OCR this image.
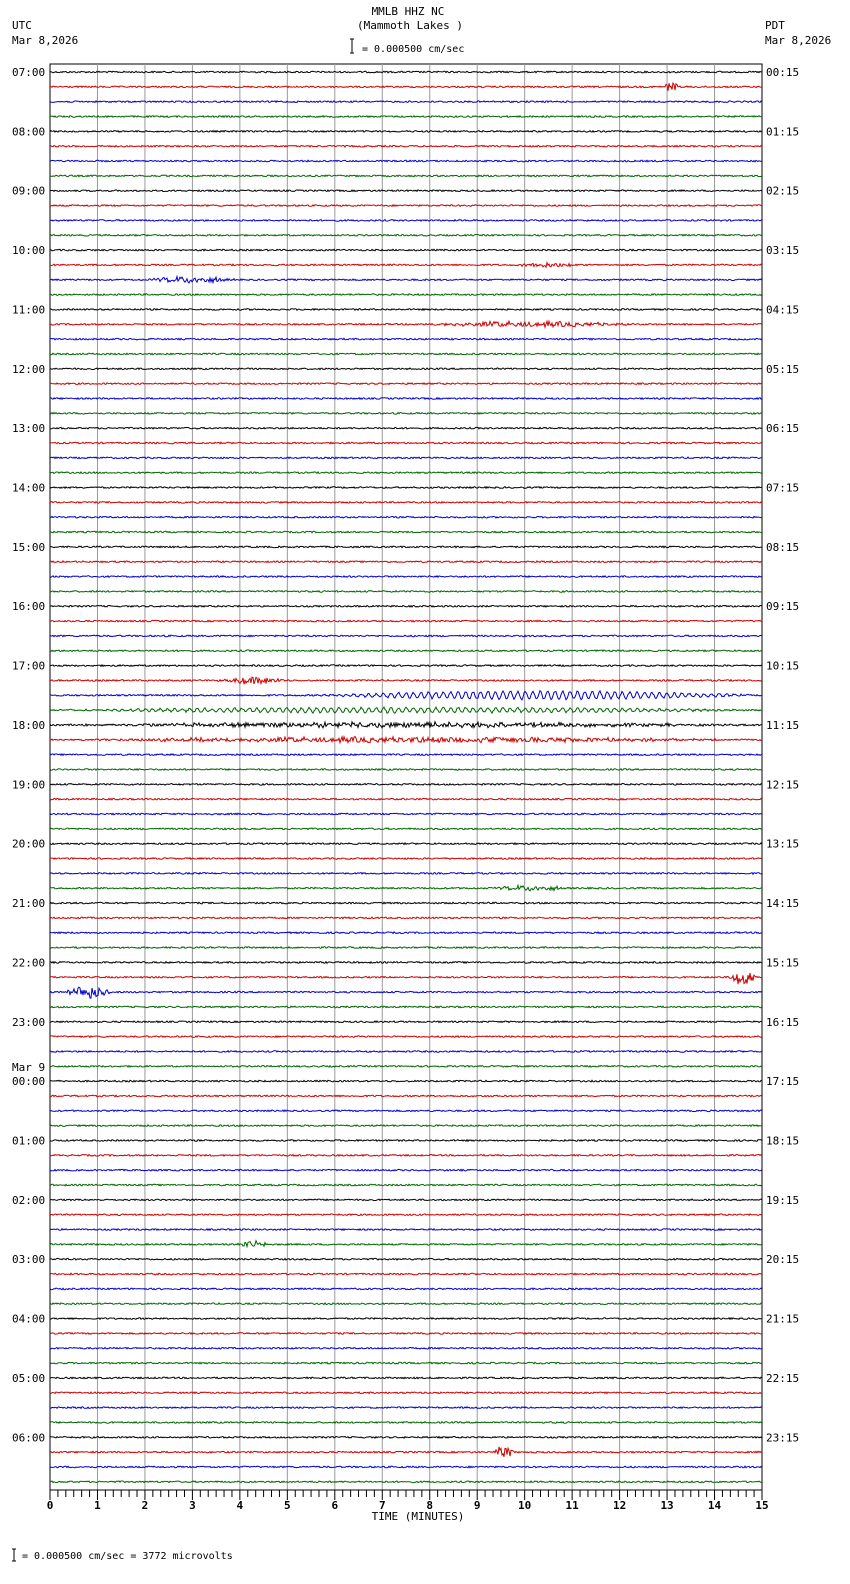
MMLB HHZ NC
(Mammoth Lakes )
UTC
Mar 8,2026
PDT
Mar 8,2026
= 0.000500 cm/sec
07:00
08:00
09:00
10:00
11:00
12:00
13:00
14:00
15:00
16:00
17:00
18:00
19:00
20:00
21:00
22:00
23:00
00:00
Mar 9
01:00
02:00
03:00
04:00
05:00
06:00
00:15
01:15
02:15
03:15
04:15
05:15
06:15
07:15
08:15
09:15
10:15
11:15
12:15
13:15
14:15
15:15
16:15
17:15
18:15
19:15
20:15
21:15
22:15
23:15
0	1	2	3	4	5	6	7	8	9	10	11	12	13	14	15
TIME (MINUTES)
= 0.000500 cm/sec = 3772 microvolts
